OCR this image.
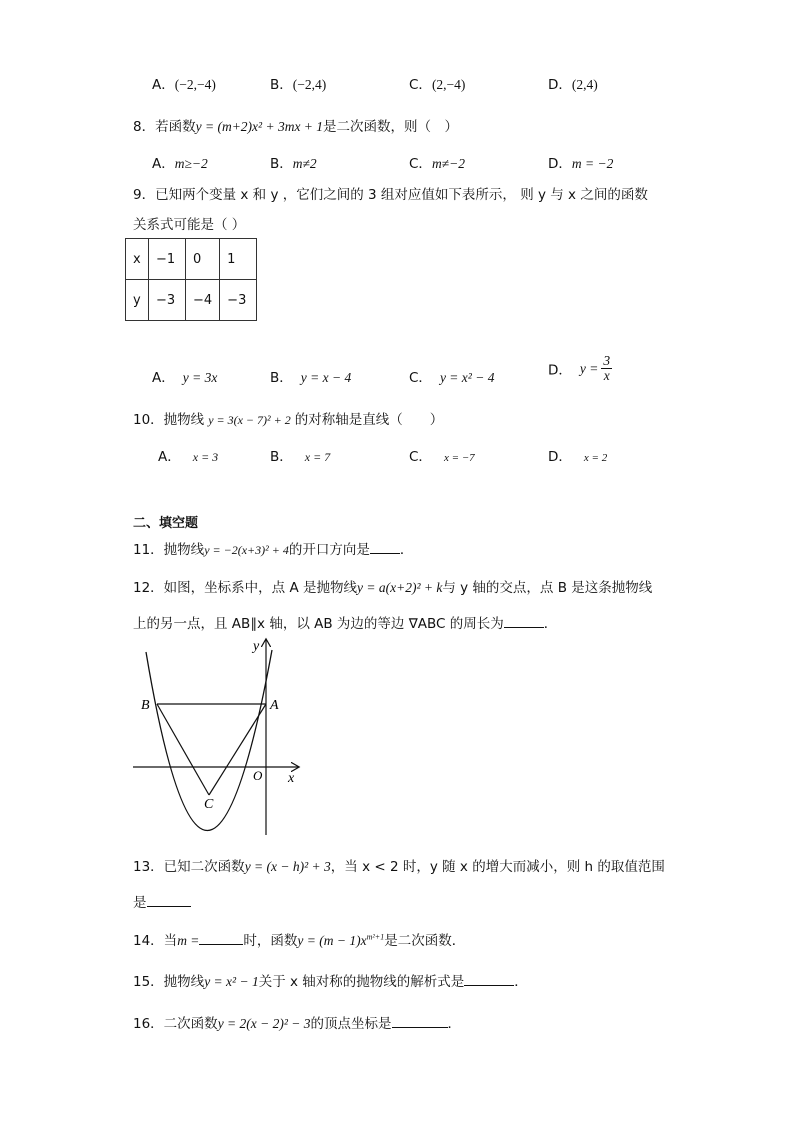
A．(−2,−4)	B．(−2,4)	C．(2,−4)	D．(2,4)
8．若函数y = (m+2)x² + 3mx + 1是二次函数，则（　）
A．m≥−2	B．m≠2	C．m≠−2	D．m = −2
9．已知两个变量 x 和 y ，它们之间的 3 组对应值如下表所示， 则 y 与 x 之间的函数
关系式可能是（ ）
x	−1	0	1
y	−3	−4	−3
A． y = 3x	B． y = x − 4	C． y = x² − 4	D． $y = \frac{3}{x}$
10．抛物线 y = 3(x − 7)² + 2 的对称轴是直线（　　）
A． x = 3	B． x = 7	C． x = −7	D． x = 2
二、填空题
11．抛物线y = −2(x+3)² + 4的开口方向是 ．
12．如图，坐标系中，点 A 是抛物线y = a(x+2)² + k与 y 轴的交点，点 B 是这条抛物线
上的另一点，且 AB∥x 轴，以 AB 为边的等边 ∇ABC 的周长为	．
y
x
A
B
C
O
13．已知二次函数y = (x − h)² + 3，当 x < 2 时，y 随 x 的增大而减小，则 h 的取值范围
是
14．当m =	时，函数$y = (m - 1)x^{m^2+1}$是二次函数．
15．抛物线y = x² − 1关于 x 轴对称的抛物线的解析式是	．
16．二次函数y = 2(x − 2)² − 3的顶点坐标是	．
